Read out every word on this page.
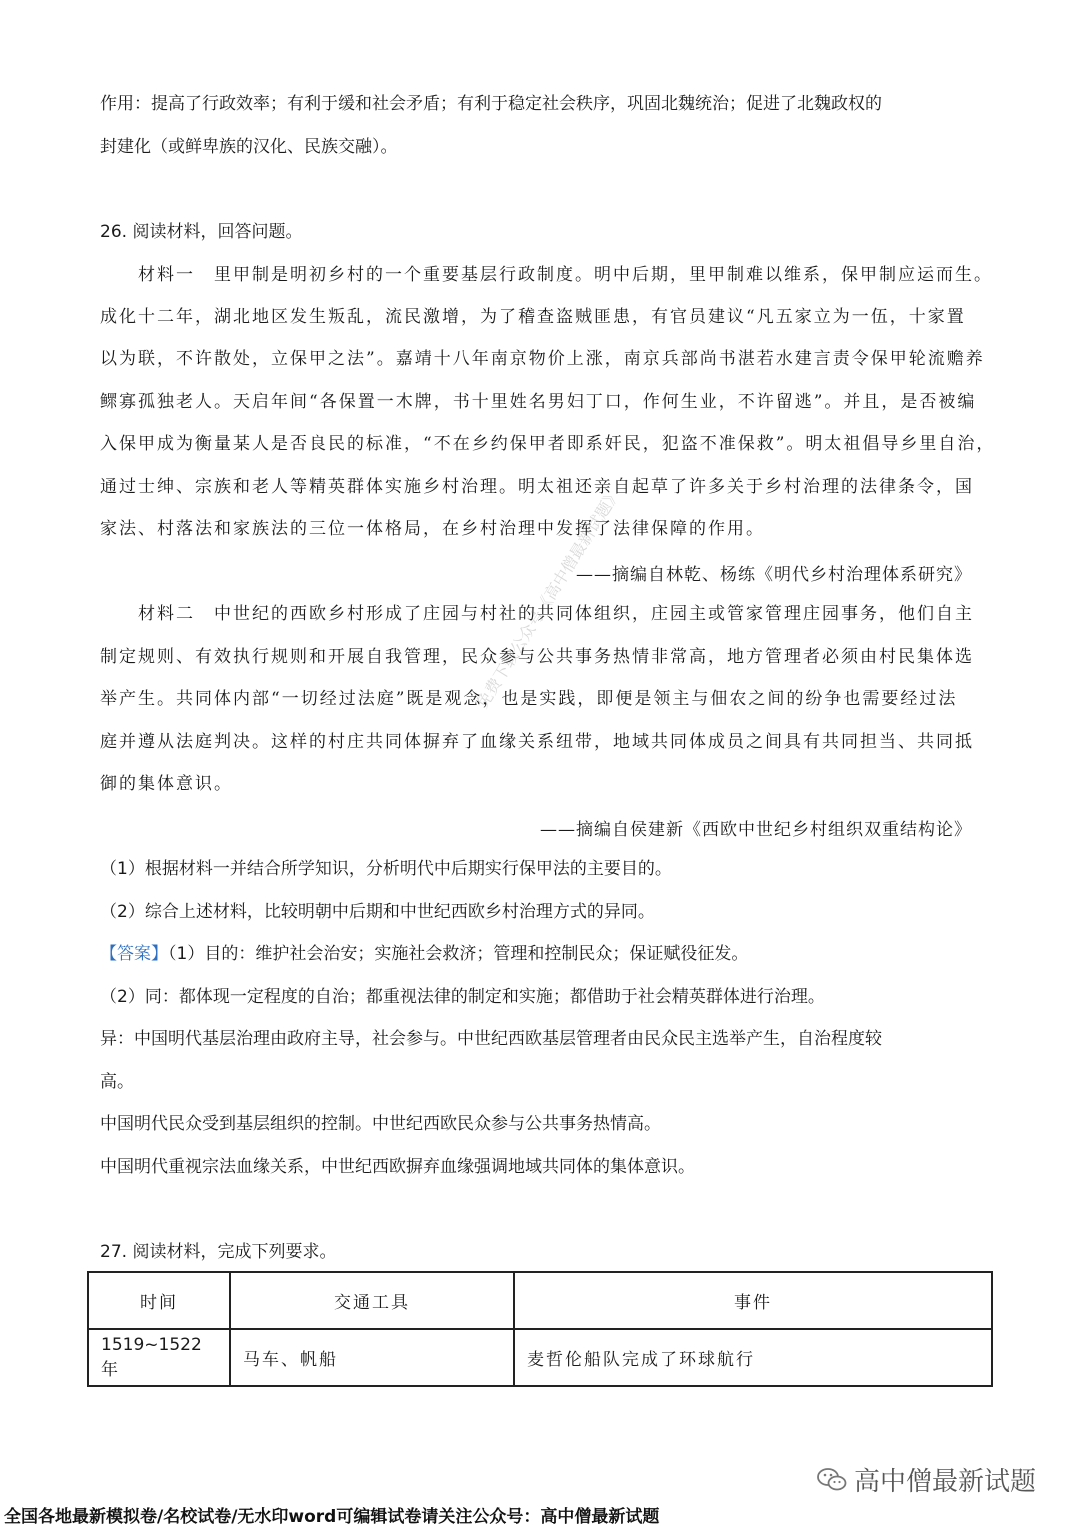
作用：提高了行政效率；有利于缓和社会矛盾；有利于稳定社会秩序，巩固北魏统治；促进了北魏政权的
封建化（或鲜卑族的汉化、民族交融）。
26. 阅读材料，回答问题。
材料一　里甲制是明初乡村的一个重要基层行政制度。明中后期，里甲制难以维系，保甲制应运而生。
成化十二年，湖北地区发生叛乱，流民激增，为了稽查盗贼匪患，有官员建议“凡五家立为一伍，十家置
以为联，不许散处，立保甲之法”。嘉靖十八年南京物价上涨，南京兵部尚书湛若水建言责令保甲轮流赡养
鳏寡孤独老人。天启年间“各保置一木牌，书十里姓名男妇丁口，作何生业，不许留逃”。并且，是否被编
入保甲成为衡量某人是否良民的标准，“不在乡约保甲者即系奸民，犯盗不准保救”。明太祖倡导乡里自治，
通过士绅、宗族和老人等精英群体实施乡村治理。明太祖还亲自起草了许多关于乡村治理的法律条令，国
家法、村落法和家族法的三位一体格局，在乡村治理中发挥了法律保障的作用。
——摘编自林乾、杨练《明代乡村治理体系研究》
材料二　中世纪的西欧乡村形成了庄园与村社的共同体组织，庄园主或管家管理庄园事务，他们自主
制定规则、有效执行规则和开展自我管理，民众参与公共事务热情非常高，地方管理者必须由村民集体选
举产生。共同体内部“一切经过法庭”既是观念，也是实践，即便是领主与佃农之间的纷争也需要经过法
庭并遵从法庭判决。这样的村庄共同体摒弃了血缘关系纽带，地域共同体成员之间具有共同担当、共同抵
御的集体意识。
——摘编自侯建新《西欧中世纪乡村组织双重结构论》
（1）根据材料一并结合所学知识，分析明代中后期实行保甲法的主要目的。
（2）综合上述材料，比较明朝中后期和中世纪西欧乡村治理方式的异同。
【答案】（1）目的：维护社会治安；实施社会救济；管理和控制民众；保证赋役征发。
（2）同：都体现一定程度的自治；都重视法律的制定和实施；都借助于社会精英群体进行治理。
异：中国明代基层治理由政府主导，社会参与。中世纪西欧基层管理者由民众民主选举产生，自治程度较
高。
中国明代民众受到基层组织的控制。中世纪西欧民众参与公共事务热情高。
中国明代重视宗法血缘关系，中世纪西欧摒弃血缘强调地域共同体的集体意识。
27. 阅读材料，完成下列要求。
时间	交通工具	事件
1519~1522 年	马车、帆船	麦哲伦船队完成了环球航行
免费下载公众号《高中僧最新试题》
高中僧最新试题
全国各地最新模拟卷/名校试卷/无水印word可编辑试卷请关注公众号：高中僧最新试题
